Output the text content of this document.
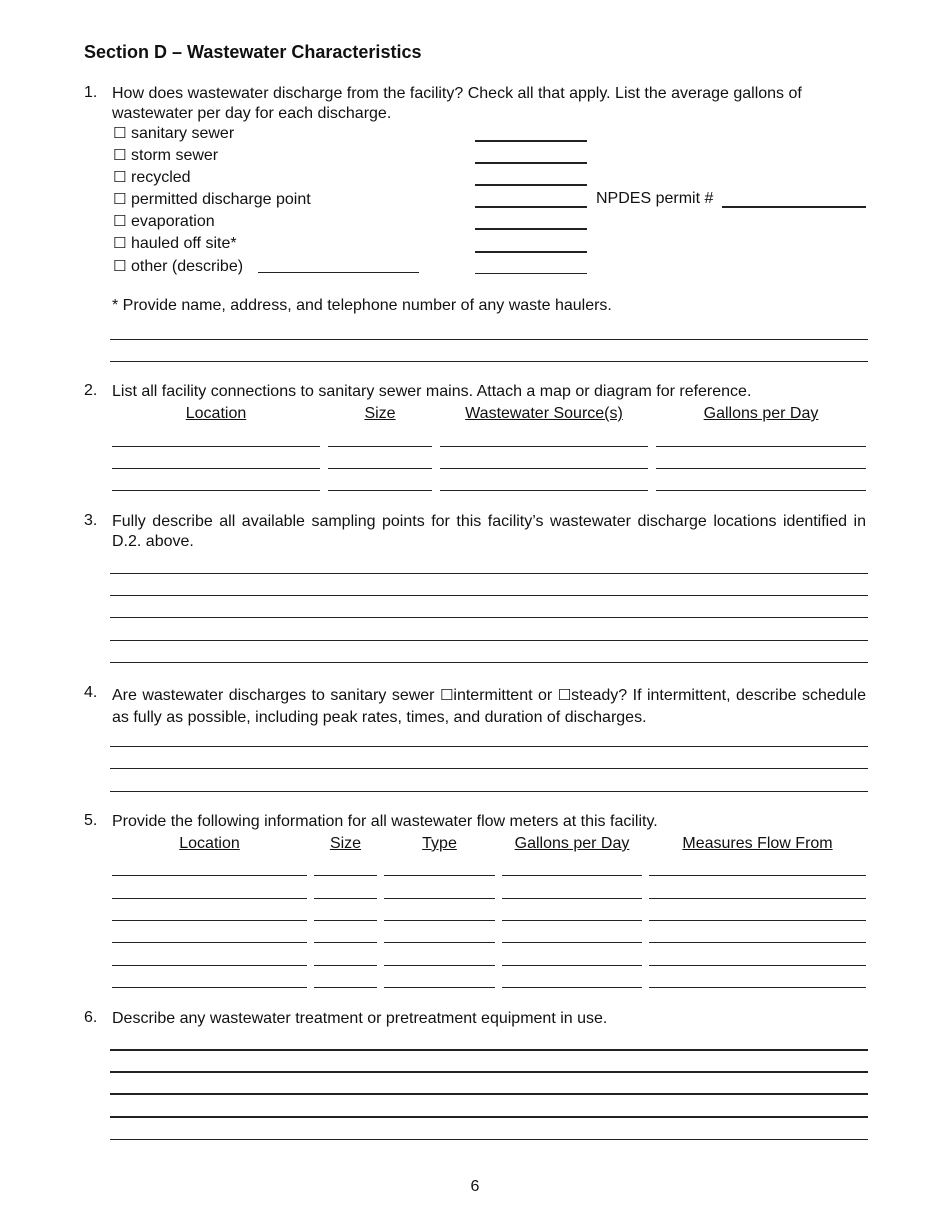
Section D – Wastewater Characteristics
1. How does wastewater discharge from the facility? Check all that apply. List the average gallons of wastewater per day for each discharge.
☐ sanitary sewer
☐ storm sewer
☐ recycled
☐ permitted discharge point
☐ evaporation
☐ hauled off site*
☐ other (describe)
NPDES permit #
* Provide name, address, and telephone number of any waste haulers.
2. List all facility connections to sanitary sewer mains. Attach a map or diagram for reference.
Location	Size	Wastewater Source(s)	Gallons per Day
3. Fully describe all available sampling points for this facility’s wastewater discharge locations identified in D.2. above.
4. Are wastewater discharges to sanitary sewer ☐intermittent or ☐steady? If intermittent, describe schedule as fully as possible, including peak rates, times, and duration of discharges.
5. Provide the following information for all wastewater flow meters at this facility.
Location	Size	Type	Gallons per Day	Measures Flow From
6. Describe any wastewater treatment or pretreatment equipment in use.
6
